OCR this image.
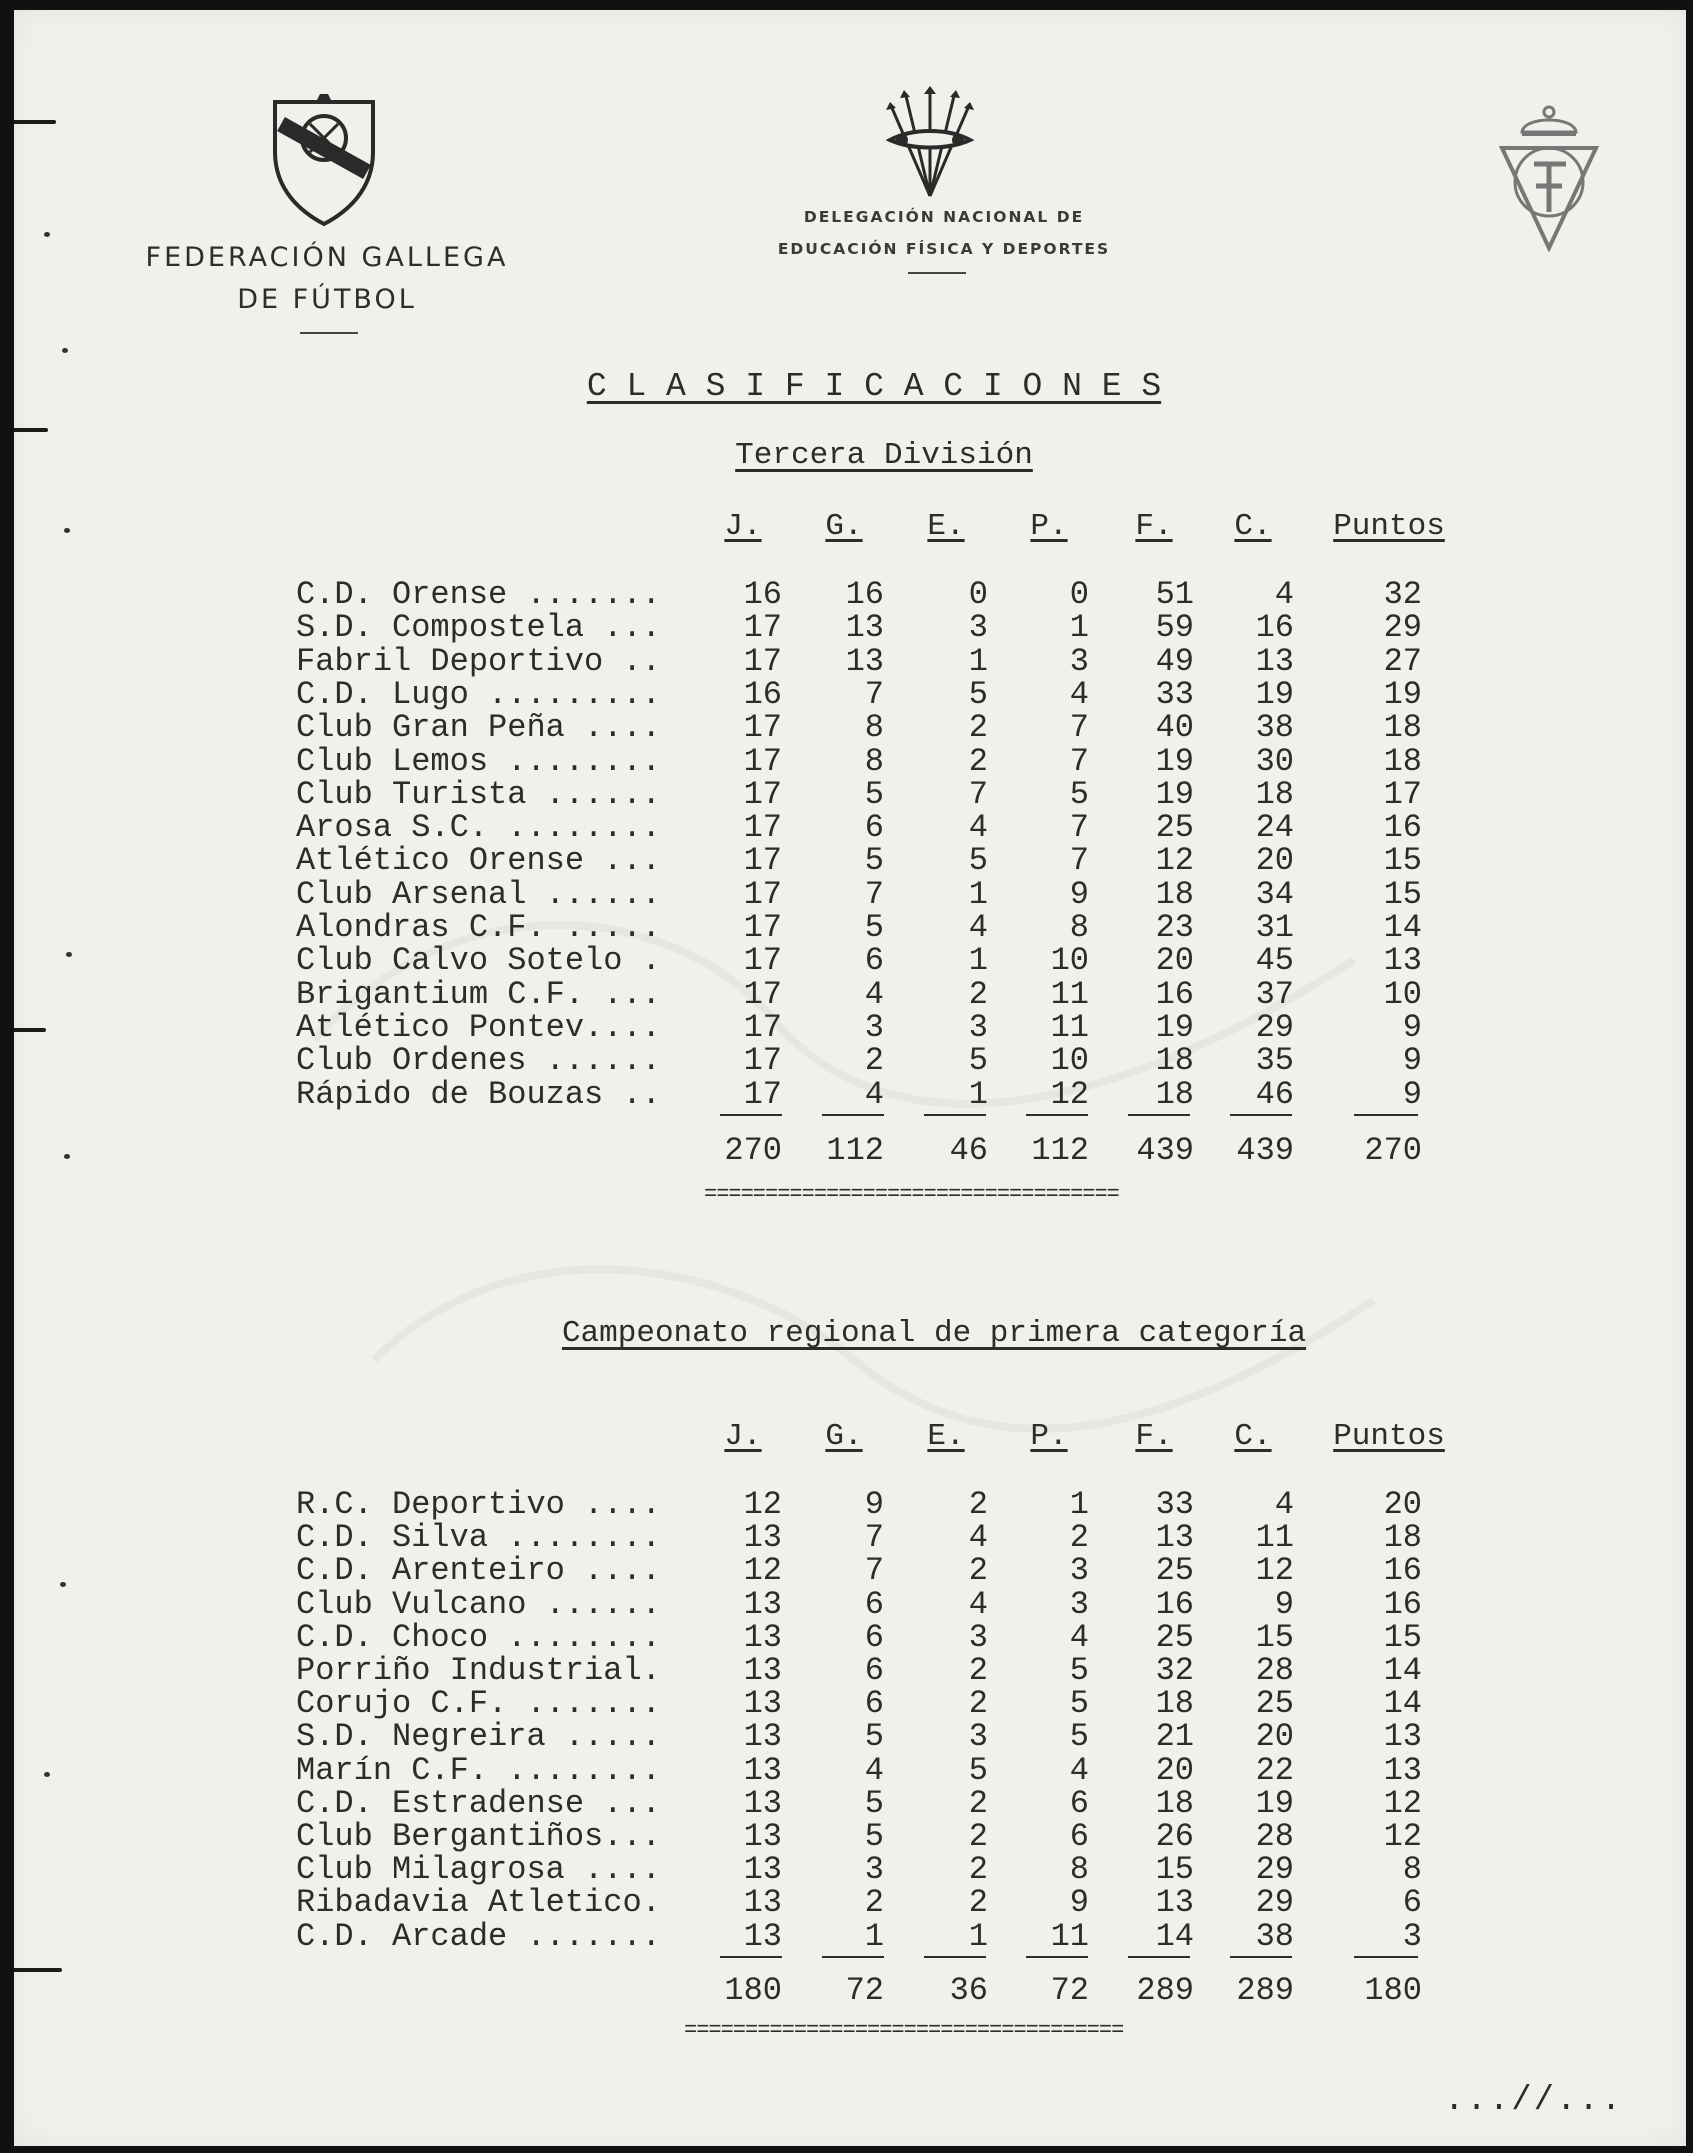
FEDERACIÓN GALLEGA
DE FÚTBOL
DELEGACIÓN NACIONAL DE
EDUCACIÓN FÍSICA Y DEPORTES
C L A S I F I C A C I O N E S
Tercera División
J.	G.	E.	P.	F.	C.	Puntos
C.D. Orense .......	16	16	0	0	51	4	32
S.D. Compostela ...	17	13	3	1	59	16	29
Fabril Deportivo ..	17	13	1	3	49	13	27
C.D. Lugo .........	16	7	5	4	33	19	19
Club Gran Peña ....	17	8	2	7	40	38	18
Club Lemos ........	17	8	2	7	19	30	18
Club Turista ......	17	5	7	5	19	18	17
Arosa S.C. ........	17	6	4	7	25	24	16
Atlético Orense ...	17	5	5	7	12	20	15
Club Arsenal ......	17	7	1	9	18	34	15
Alondras C.F. .....	17	5	4	8	23	31	14
Club Calvo Sotelo .	17	6	1	10	20	45	13
Brigantium C.F. ...	17	4	2	11	16	37	10
Atlético Pontev....	17	3	3	11	19	29	9
Club Ordenes ......	17	2	5	10	18	35	9
Rápido de Bouzas ..	17	4	1	12	18	46	9
270	112	46	112	439	439	270
==================================
Campeonato regional de primera categoría
J.	G.	E.	P.	F.	C.	Puntos
R.C. Deportivo ....	12	9	2	1	33	4	20
C.D. Silva ........	13	7	4	2	13	11	18
C.D. Arenteiro ....	12	7	2	3	25	12	16
Club Vulcano ......	13	6	4	3	16	9	16
C.D. Choco ........	13	6	3	4	25	15	15
Porriño Industrial.	13	6	2	5	32	28	14
Corujo C.F. .......	13	6	2	5	18	25	14
S.D. Negreira .....	13	5	3	5	21	20	13
Marín C.F. ........	13	4	5	4	20	22	13
C.D. Estradense ...	13	5	2	6	18	19	12
Club Bergantiños...	13	5	2	6	26	28	12
Club Milagrosa ....	13	3	2	8	15	29	8
Ribadavia Atletico.	13	2	2	9	13	29	6
C.D. Arcade .......	13	1	1	11	14	38	3
180	72	36	72	289	289	180
====================================
...//...
